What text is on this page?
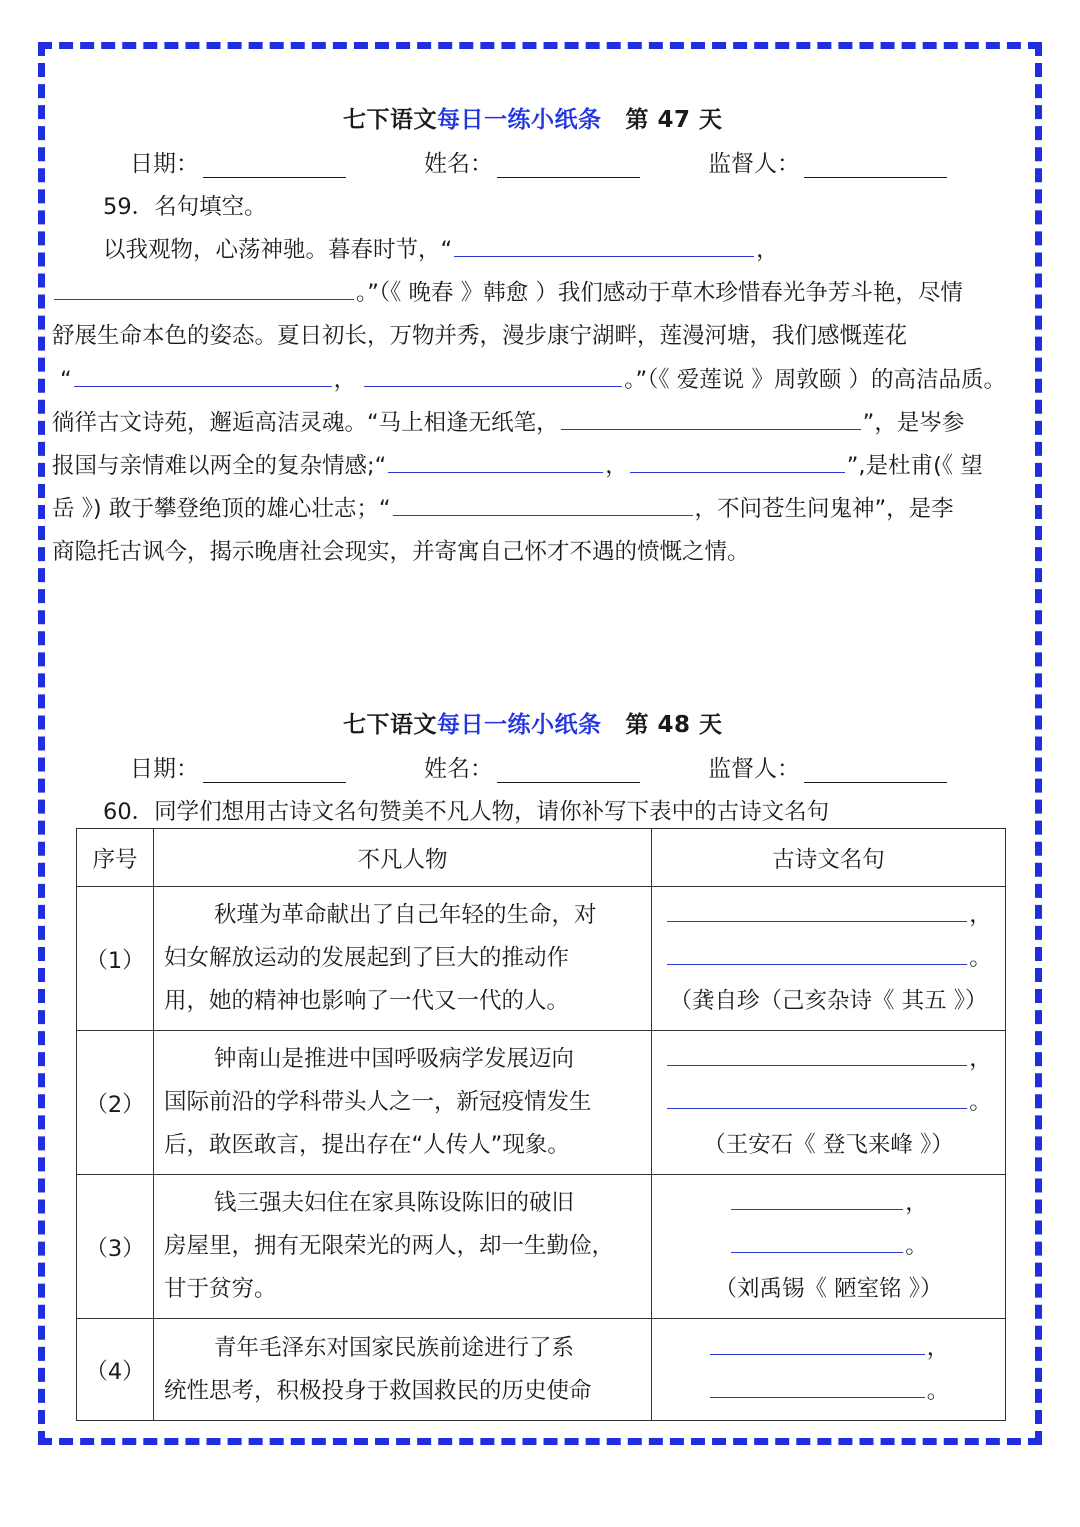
七下语文每日一练小纸条 第 47 天
日期：	姓名：	监督人：
59．名句填空。
以我观物，心荡神驰。暮春时节，“	，
。”（《 晚春 》韩愈 ）我们感动于草木珍惜春光争芳斗艳，尽情
舒展生命本色的姿态。夏日初长，万物并秀，漫步康宁湖畔，莲漫河塘，我们感慨莲花
“	，	。”（《 爱莲说 》周敦颐 ）的高洁品质。
徜徉古文诗苑，邂逅高洁灵魂。“马上相逢无纸笔，	”，是岑参
报国与亲情难以两全的复杂情感;“	，	”,是杜甫(《 望
岳 》) 敢于攀登绝顶的雄心壮志；“	，不问苍生问鬼神”，是李
商隐托古讽今，揭示晚唐社会现实，并寄寓自己怀才不遇的愤慨之情。
七下语文每日一练小纸条 第 48 天
日期：	姓名：	监督人：
60．同学们想用古诗文名句赞美不凡人物，请你补写下表中的古诗文名句
序号	不凡人物	古诗文名句
（1）	秋瑾为革命献出了自己年轻的生命，对
妇女解放运动的发展起到了巨大的推动作
用，她的精神也影响了一代又一代的人。	，
。
（龚自珍（己亥杂诗《 其五 》）
（2）	钟南山是推进中国呼吸病学发展迈向
国际前沿的学科带头人之一，新冠疫情发生
后，敢医敢言，提出存在“人传人”现象。	，
。
（王安石《 登飞来峰 》）
（3）	钱三强夫妇住在家具陈设陈旧的破旧
房屋里，拥有无限荣光的两人，却一生勤俭，
甘于贫穷。	，
。
（刘禹锡《 陋室铭 》）
（4）	青年毛泽东对国家民族前途进行了系
统性思考，积极投身于救国救民的历史使命	，
。
